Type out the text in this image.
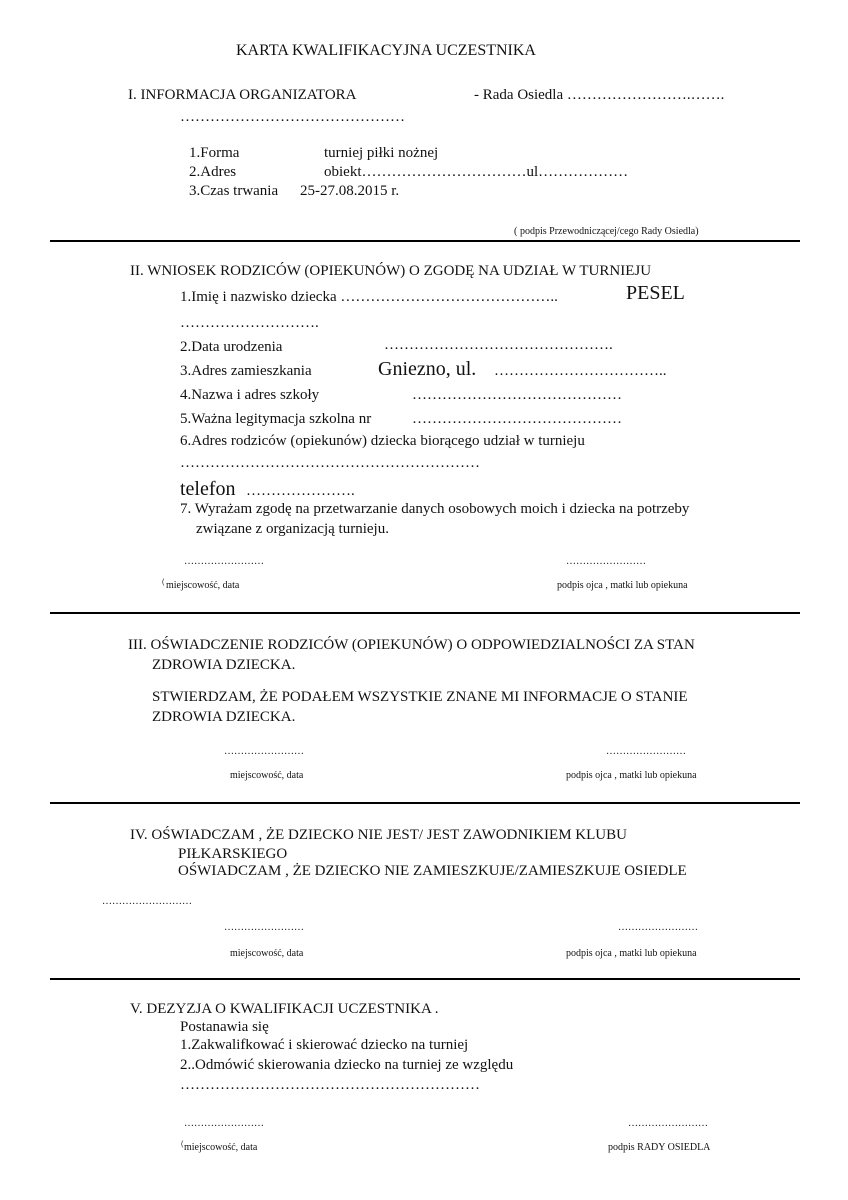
KARTA KWALIFIKACYJNA UCZESTNIKA
I. INFORMACJA ORGANIZATORA	- Rada Osiedla …………………….…….
………………………………………
1.Forma	turniej piłki nożnej
2.Adres	obiekt……………………………ul………………
3.Czas trwania 25-27.08.2015 r.
( podpis Przewodniczącej/cego Rady Osiedla)
II. WNIOSEK RODZICÓW (OPIEKUNÓW) O ZGODĘ NA UDZIAŁ W TURNIEJU
1.Imię i nazwisko dziecka ……………………………………..	PESEL
……………………….
2.Data urodzenia	……………………………………….
3.Adres zamieszkania	Gniezno, ul. ……………………………..
4.Nazwa i adres szkoły	……………………………………
5.Ważna legitymacja szkolna nr	……………………………………
6.Adres rodziców (opiekunów) dziecka biorącego udział w turnieju
……………………………………………………
telefon ………………….
7. Wyrażam zgodę na przetwarzanie danych osobowych moich i dziecka na potrzeby
związane z organizacją turnieju.
……………………
( miejscowość, data
……………………
podpis ojca , matki lub opiekuna
III. OŚWIADCZENIE RODZICÓW (OPIEKUNÓW) O ODPOWIEDZIALNOŚCI ZA STAN
ZDROWIA DZIECKA.
STWIERDZAM, ŻE PODAŁEM WSZYSTKIE ZNANE MI INFORMACJE O STANIE
ZDROWIA DZIECKA.
……………………
miejscowość, data
……………………
podpis ojca , matki lub opiekuna
IV. OŚWIADCZAM , ŻE DZIECKO NIE JEST/ JEST ZAWODNIKIEM KLUBU
PIŁKARSKIEGO
OŚWIADCZAM , ŻE DZIECKO NIE ZAMIESZKUJE/ZAMIESZKUJE OSIEDLE
………………………
……………………
miejscowość, data
……………………
podpis ojca , matki lub opiekuna
V. DEZYZJA O KWALIFIKACJI UCZESTNIKA .
Postanawia się
1.Zakwalifkować i skierować dziecko na turniej
2..Odmówić skierowania dziecko na turniej ze względu
……………………………………………………
……………………
( miejscowość, data
……………………
podpis RADY OSIEDLA
